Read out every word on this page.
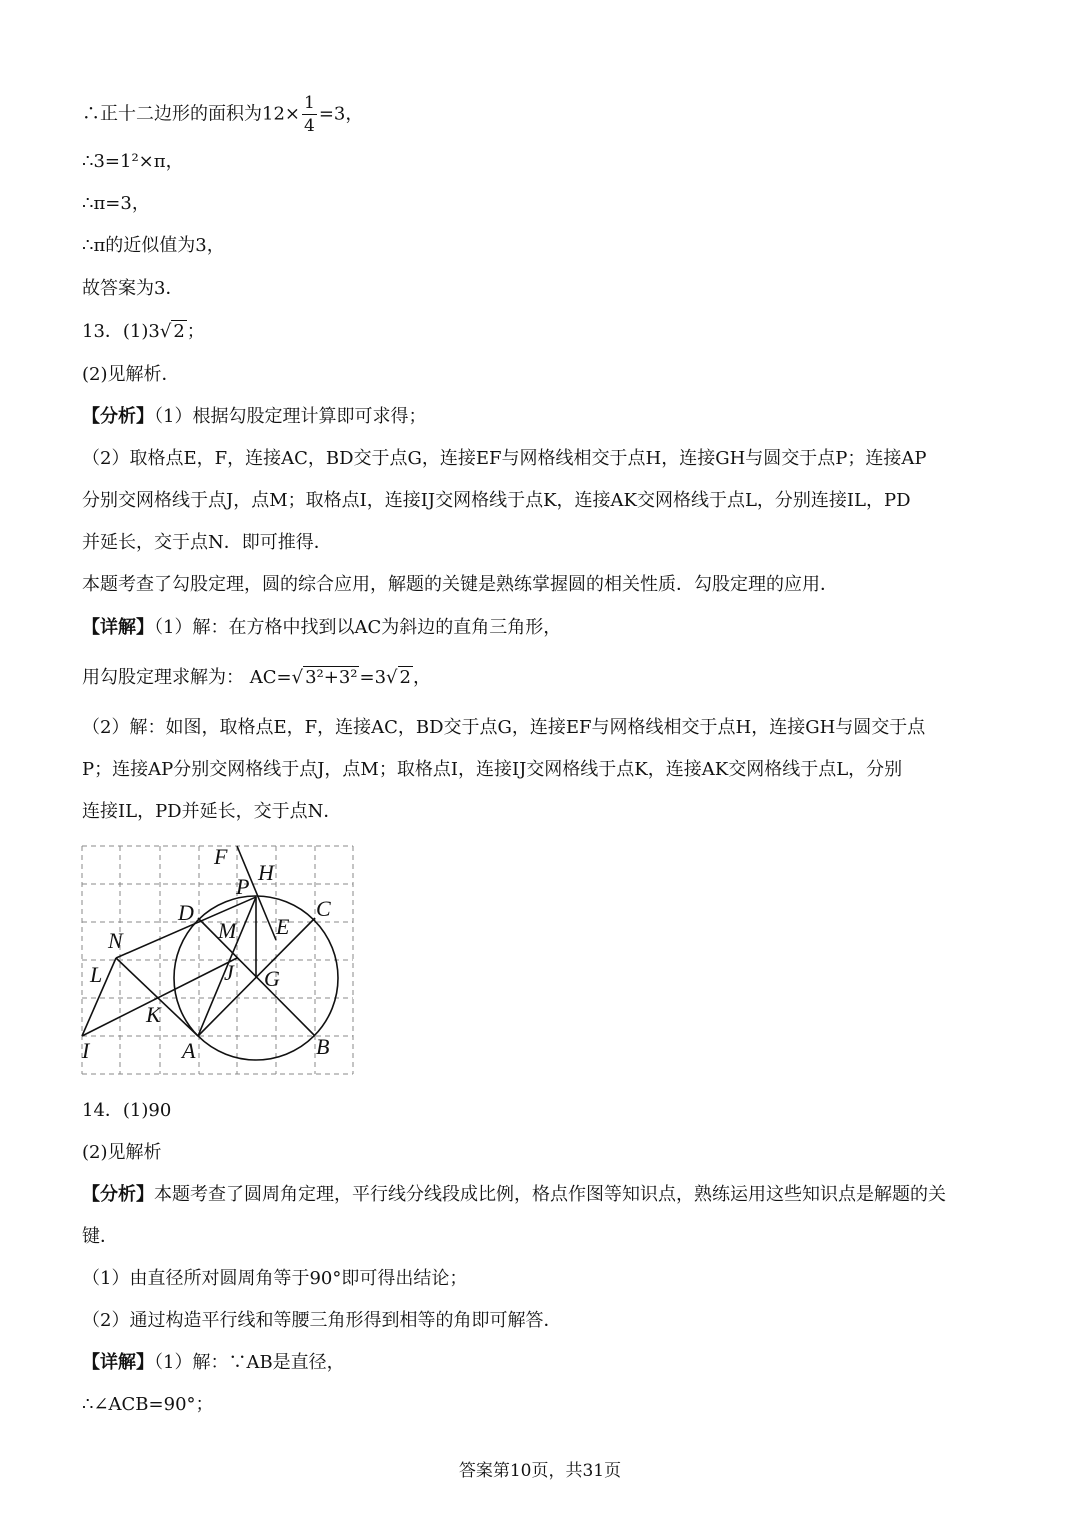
∴正十二边形的面积为$12\times \frac{1}{4} =3$，
∴3=1²×π，
∴π=3，
∴π的近似值为3，
故答案为3．
13．(1)3√ 2 ；
(2)见解析．
【分析】（1）根据勾股定理计算即可求得；
（2）取格点E，F，连接AC，BD交于点G，连接EF与网格线相交于点H，连接GH与圆交于点P；连接AP
分别交网格线于点J，点M；取格点I，连接IJ交网格线于点K，连接AK交网格线于点L，分别连接IL，PD
并延长，交于点N．即可推得．
本题考查了勾股定理，圆的综合应用，解题的关键是熟练掌握圆的相关性质．勾股定理的应用．
【详解】（1）解：在方格中找到以AC为斜边的直角三角形，
用勾股定理求解为： AC=√ 3²+3² =3√ 2 ，
（2）解：如图，取格点E，F，连接AC，BD交于点G，连接EF与网格线相交于点H，连接GH与圆交于点
P；连接AP分别交网格线于点J，点M；取格点I，连接IJ交网格线于点K，连接AK交网格线于点L，分别
连接IL，PD并延长，交于点N．
F
H
P
D	C
M E
N
L	J G
K
I	A	B
14．(1)90
(2)见解析
【分析】本题考查了圆周角定理，平行线分线段成比例，格点作图等知识点，熟练运用这些知识点是解题的关
键．
（1）由直径所对圆周角等于90°即可得出结论；
（2）通过构造平行线和等腰三角形得到相等的角即可解答．
【详解】（1）解：∵AB是直径，
∴∠ACB=90°；
答案第10页，共31页
